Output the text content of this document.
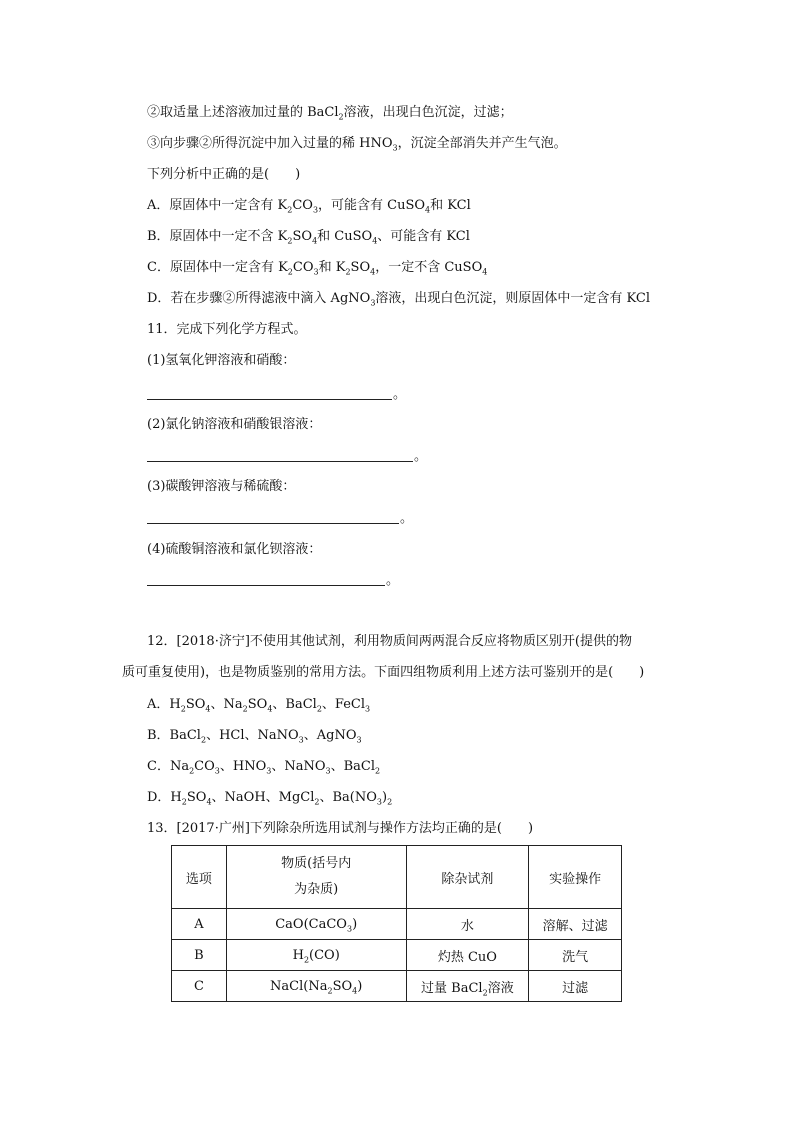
②取适量上述溶液加过量的 BaCl$_2$溶液，出现白色沉淀，过滤；
③向步骤②所得沉淀中加入过量的稀 $HNO_3$，沉淀全部消失并产生气泡。
下列分析中正确的是(　　)
A．原固体中一定含有 $K_2CO_3$，可能含有 CuSO$_4$和 KCl
B．原固体中一定不含 $K_2SO_4$和 CuSO$_4$、可能含有 KCl
C．原固体中一定含有 $K_2CO_3$和 $K_2SO_4$，一定不含 CuSO$_4$
D．若在步骤②所得滤液中滴入 AgNO$_3$溶液，出现白色沉淀，则原固体中一定含有 KCl
11．完成下列化学方程式。
(1)氢氧化钾溶液和硝酸：
。
(2)氯化钠溶液和硝酸银溶液：
。
(3)碳酸钾溶液与稀硫酸：
。
(4)硫酸铜溶液和氯化钡溶液：
。
12．[2018·济宁]不使用其他试剂，利用物质间两两混合反应将物质区别开(提供的物
质可重复使用)，也是物质鉴别的常用方法。下面四组物质利用上述方法可鉴别开的是(　　)
A．$H_2SO_4$、$Na_2SO_4$、BaCl$_2$、FeCl$_3$
B．BaCl$_2$、HCl、NaNO$_3$、AgNO$_3$
C．$Na_2CO_3$、$HNO_3$、NaNO$_3$、BaCl$_2$
D．$H_2SO_4$、NaOH、MgCl$_2$、$Ba(NO_3)_2$
13．[2017·广州]下列除杂所选用试剂与操作方法均正确的是(　　)
选项	物质(括号内
为杂质)	除杂试剂	实验操作
A	CaO(CaCO$_3$)	水	溶解、过滤
B	$H_2(CO)$	灼热 CuO	洗气
C	$NaCl(Na_2SO_4)$	过量 BaCl$_2$溶液	过滤
